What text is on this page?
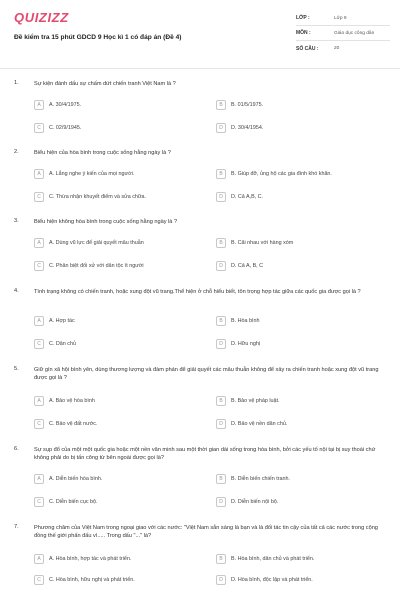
QUIZIZZ
Đề kiểm tra 15 phút GDCD 9 Học kì 1 có đáp án (Đề 4)
LỚP :	Lớp 9
MÔN :	Giáo dục công dân
SỐ CÂU :	20
1.	Sự kiện đánh dấu sự chấm dứt chiến tranh Việt Nam là ?
A	A. 30/4/1975.	B	B. 01/5/1975.
C	C. 02/9/1945.	D	D. 30/4/1954.
2.	Biểu hiện của hòa bình trong cuộc sống hằng ngày là ?
A	A. Lắng nghe ý kiến của mọi người.	B	B. Giúp đỡ, ủng hộ các gia đình khó khăn.
C	C. Thừa nhận khuyết điểm và sửa chữa.	D	D. Cả A,B, C.
3.	Biểu hiện không hòa bình trong cuộc sống hằng ngày là ?
A	A. Dùng vũ lực để giải quyết mâu thuẫn	B	B. Cãi nhau với hàng xóm
C	C. Phân biệt đối xử với dân tộc ít người	D	D. Cả A, B, C
4.	Tình trạng không có chiến tranh, hoặc xung đột vũ trang.Thể hiện ở chỗ hiểu biết, tôn trọng hợp tác giữa các quốc gia được gọi là ?
A	A. Hợp tác	B	B. Hòa bình
C	C. Dân chủ	D	D. Hữu nghị
5.	Giữ gìn xã hội bình yên, dùng thương lượng và đàm phán để giải quyết các mâu thuẫn không để xảy ra chiến tranh hoặc xung đột vũ trang được gọi là ?
A	A. Bảo vệ hòa bình	B	B. Bảo vệ pháp luật.
C	C. Bảo vệ đất nước.	D	D. Bảo vệ nền dân chủ.
6.	Sự sụp đổ của một một quốc gia hoặc một nền văn minh sau một thời gian dài sống trong hòa bình, bởi các yếu tố nội tại bị suy thoái chứ không phải do bị tấn công từ bên ngoài được gọi là?
A	A. Diễn biến hòa bình.	B	B. Diễn biến chiến tranh.
C	C. Diễn biến cục bộ.	D	D. Diễn biến nội bộ.
7.	Phương châm của Việt Nam trong ngoại giao với các nước: "Việt Nam sẵn sàng là bạn và là đối tác tin cậy của tất cả các nước trong cộng đồng thế giới phấn đấu vì..... Trong dấu "..." là?
A	A. Hòa bình, hợp tác và phát triển.	B	B. Hòa bình, dân chủ và phát triển.
C	C. Hòa bình, hữu nghị và phát triển.	D	D. Hòa bình, độc lập và phát triển.
